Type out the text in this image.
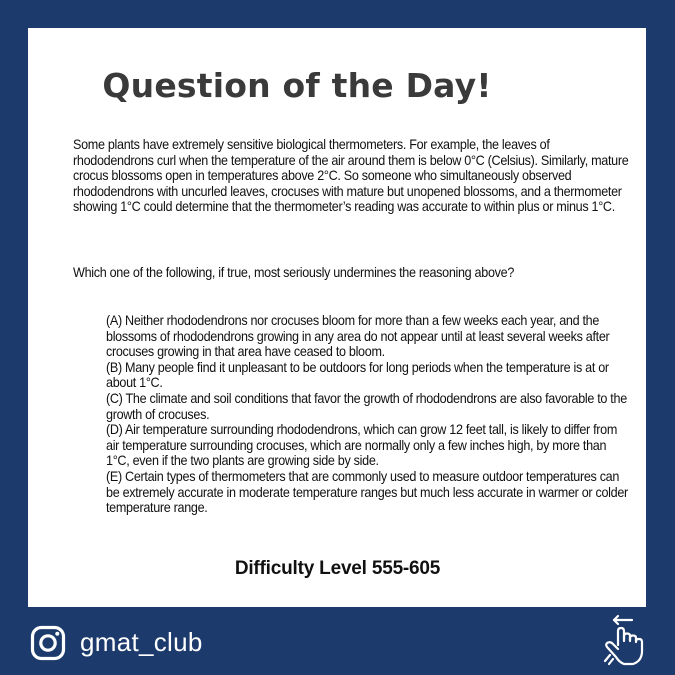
Question of the Day!
Some plants have extremely sensitive biological thermometers. For example, the leaves of rhododendrons curl when the temperature of the air around them is below 0°C (Celsius). Similarly, mature crocus blossoms open in temperatures above 2°C. So someone who simultaneously observed rhododendrons with uncurled leaves, crocuses with mature but unopened blossoms, and a thermometer showing 1°C could determine that the thermometer’s reading was accurate to within plus or minus 1°C.
Which one of the following, if true, most seriously undermines the reasoning above?

(A) Neither rhododendrons nor crocuses bloom for more than a few weeks each year, and the blossoms of rhododendrons growing in any area do not appear until at least several weeks after crocuses growing in that area have ceased to bloom.

(B) Many people find it unpleasant to be outdoors for long periods when the temperature is at or about 1°C.

(C) The climate and soil conditions that favor the growth of rhododendrons are also favorable to the growth of crocuses.

(D) Air temperature surrounding rhododendrons, which can grow 12 feet tall, is likely to differ from air temperature surrounding crocuses, which are normally only a few inches high, by more than 1°C, even if the two plants are growing side by side.

(E) Certain types of thermometers that are commonly used to measure outdoor temperatures can be extremely accurate in moderate temperature ranges but much less accurate in warmer or colder temperature range.

Difficulty Level 555-605
gmat_club
